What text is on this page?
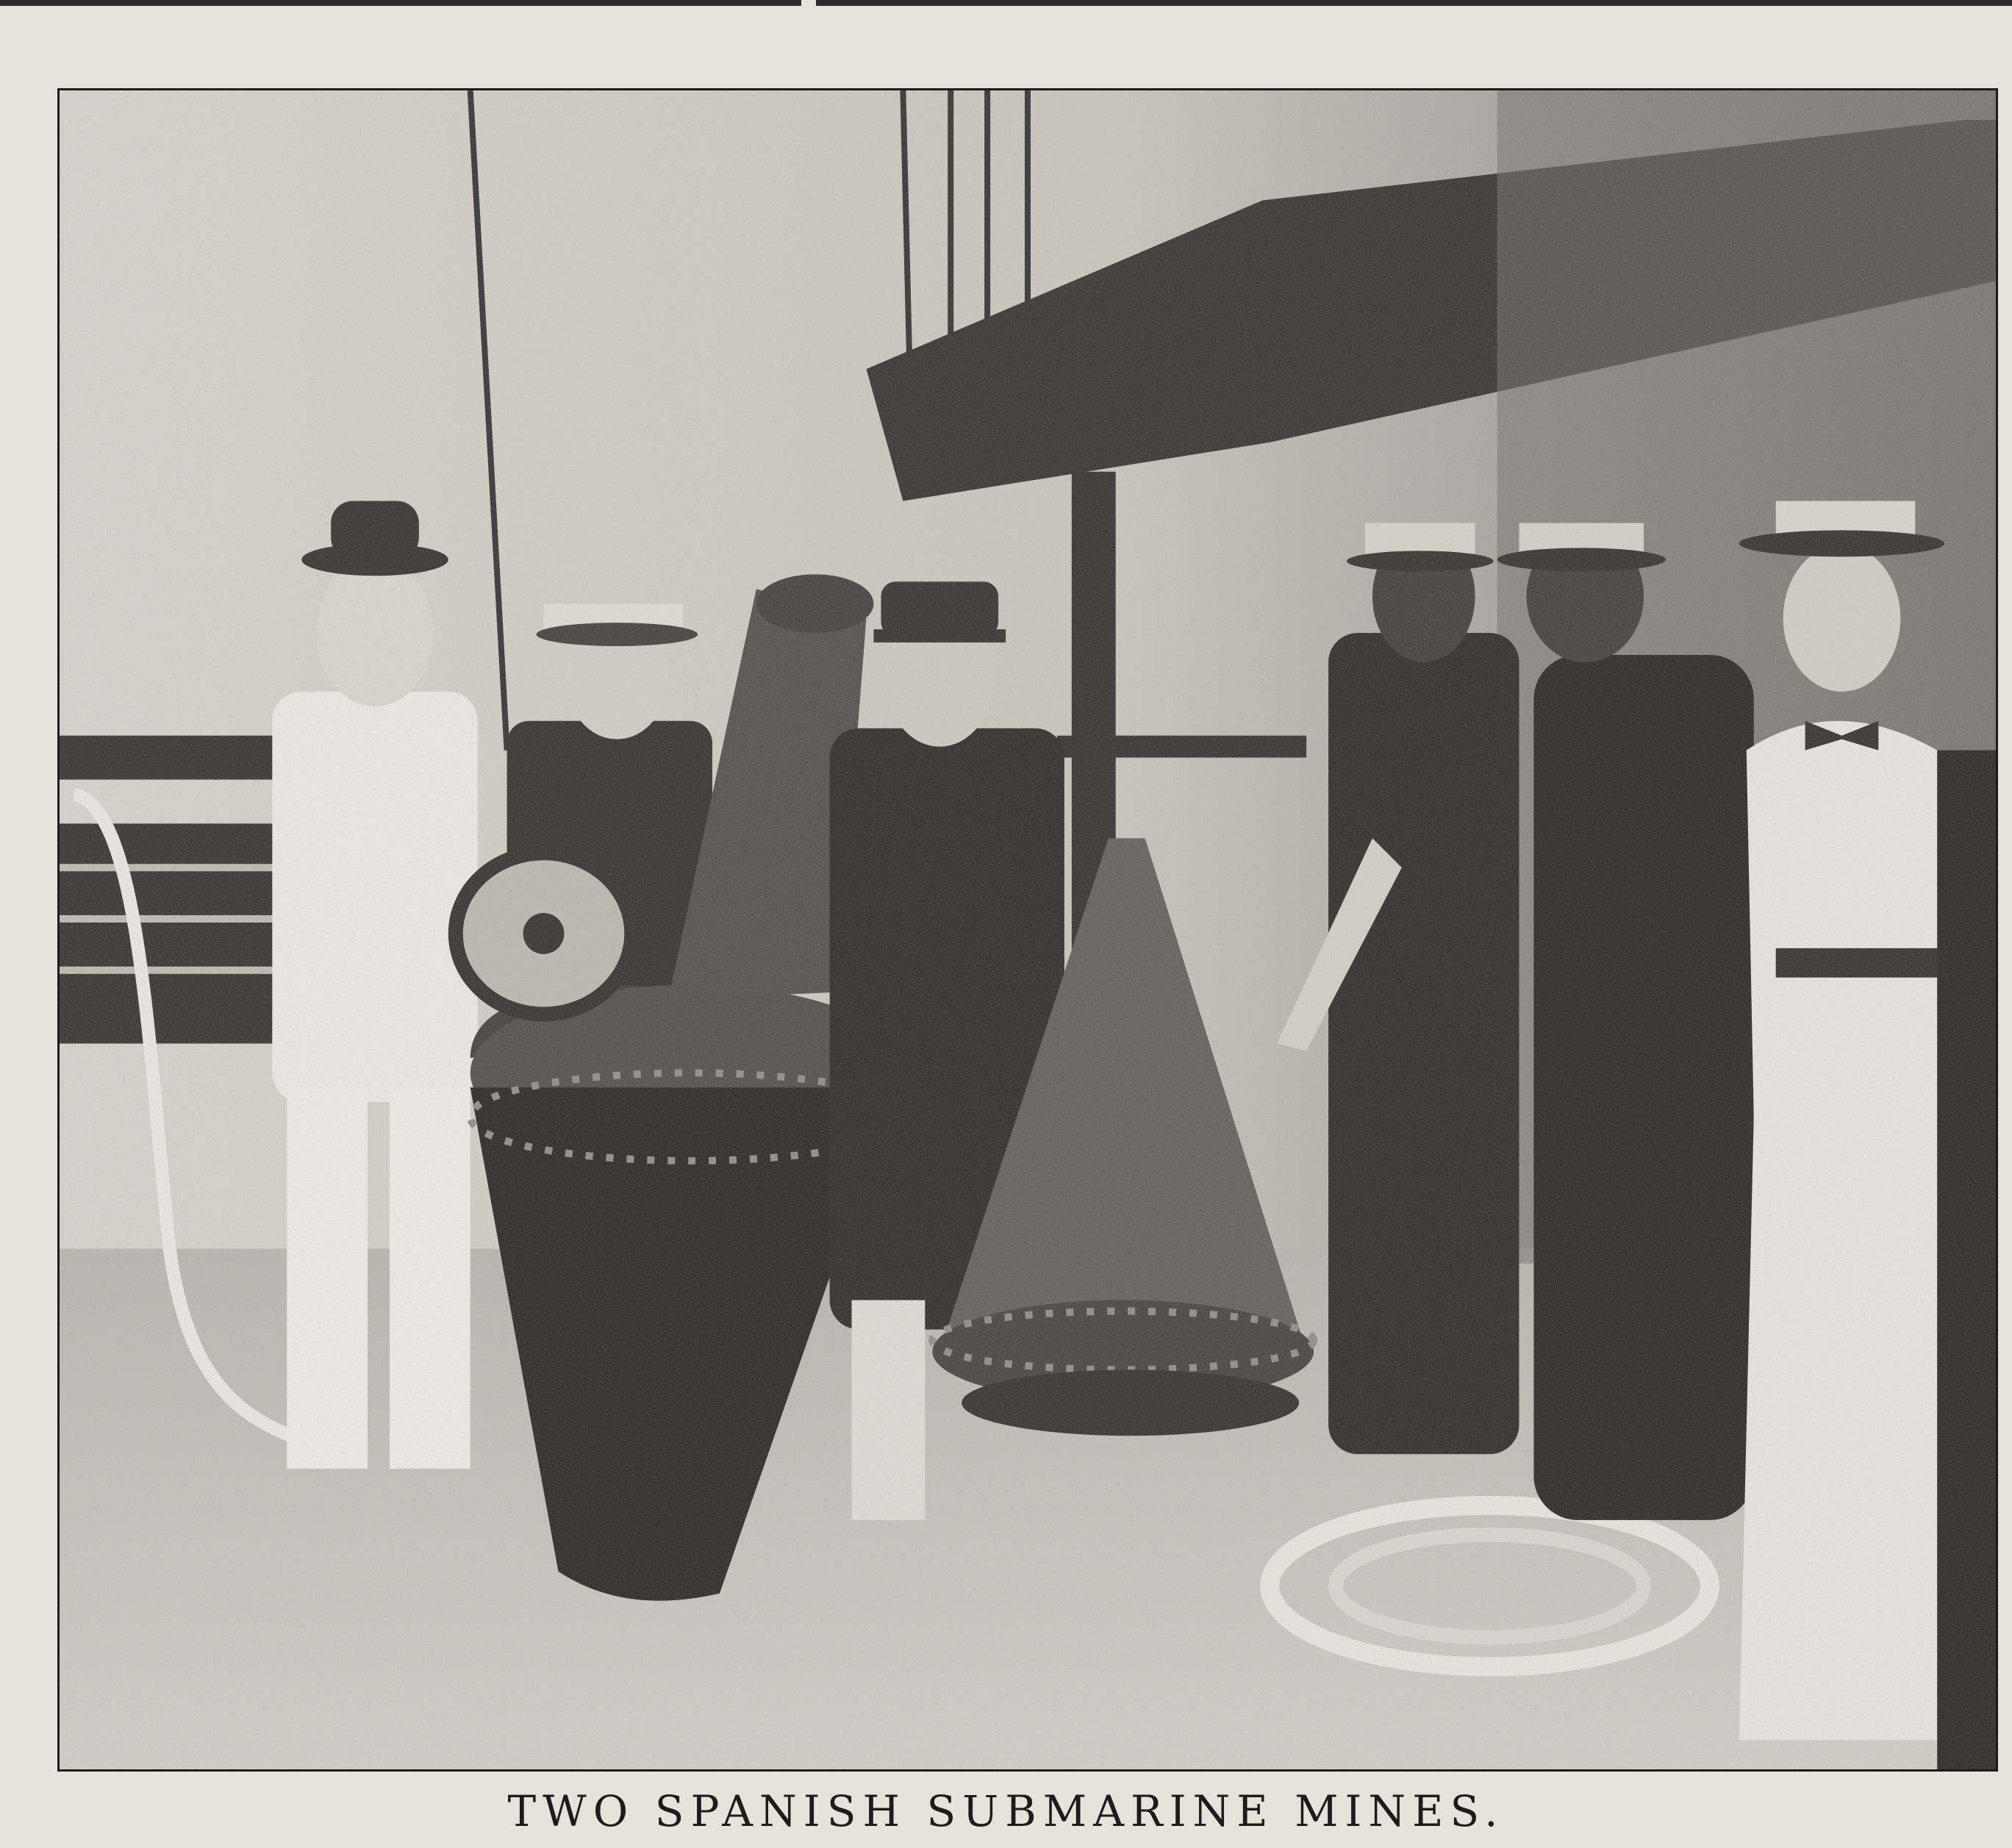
TWO SPANISH SUBMARINE MINES.
